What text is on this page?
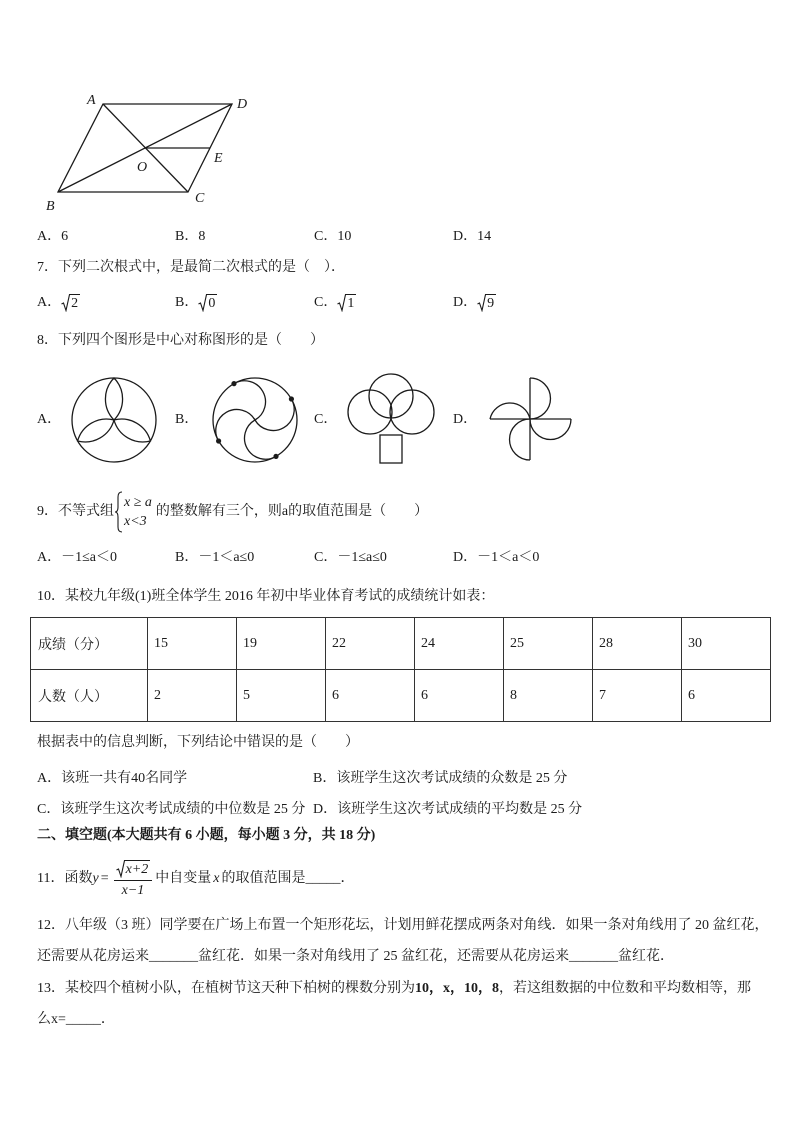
A	D
O
E
B
C
A．6	B．8	C．10	D．14
7．下列二次根式中，是最简二次根式的是（　）．
A． 2	B． 0	C． 1	D． 9
8．下列四个图形是中心对称图形的是（　　）
A．	B．	C．	D．
9．不等式组
x ≥ a
x<3
的整数解有三个，则a的取值范围是（　　）
A．－1≤a＜0	B．－1＜a≤0	C．－1≤a≤0	D．－1＜a＜0
10．某校九年级(1)班全体学生 2016 年初中毕业体育考试的成绩统计如表：
成绩（分）	15	19	22	24	25	28	30
人数（人）	2	5	6	6	8	7	6
根据表中的信息判断，下列结论中错误的是（　　）
A．该班一共有40名同学	B．该班学生这次考试成绩的众数是 25 分
C．该班学生这次考试成绩的中位数是 25 分 D．该班学生这次考试成绩的平均数是 25 分
二、填空题(本大题共有 6 小题，每小题 3 分，共 18 分)
11．函数 $y = \frac{x+2}{x-1}$ 中自变量 x 的取值范围是 _____ ．
12．八年级（3 班）同学要在广场上布置一个矩形花坛，计划用鲜花摆成两条对角线．如果一条对角线用了 20 盆红花，
还需要从花房运来_______盆红花．如果一条对角线用了 25 盆红花，还需要从花房运来_______盆红花．
13．某校四个植树小队，在植树节这天种下柏树的棵数分别为10，x，10，8，若这组数据的中位数和平均数相等，那
么x=_____．
